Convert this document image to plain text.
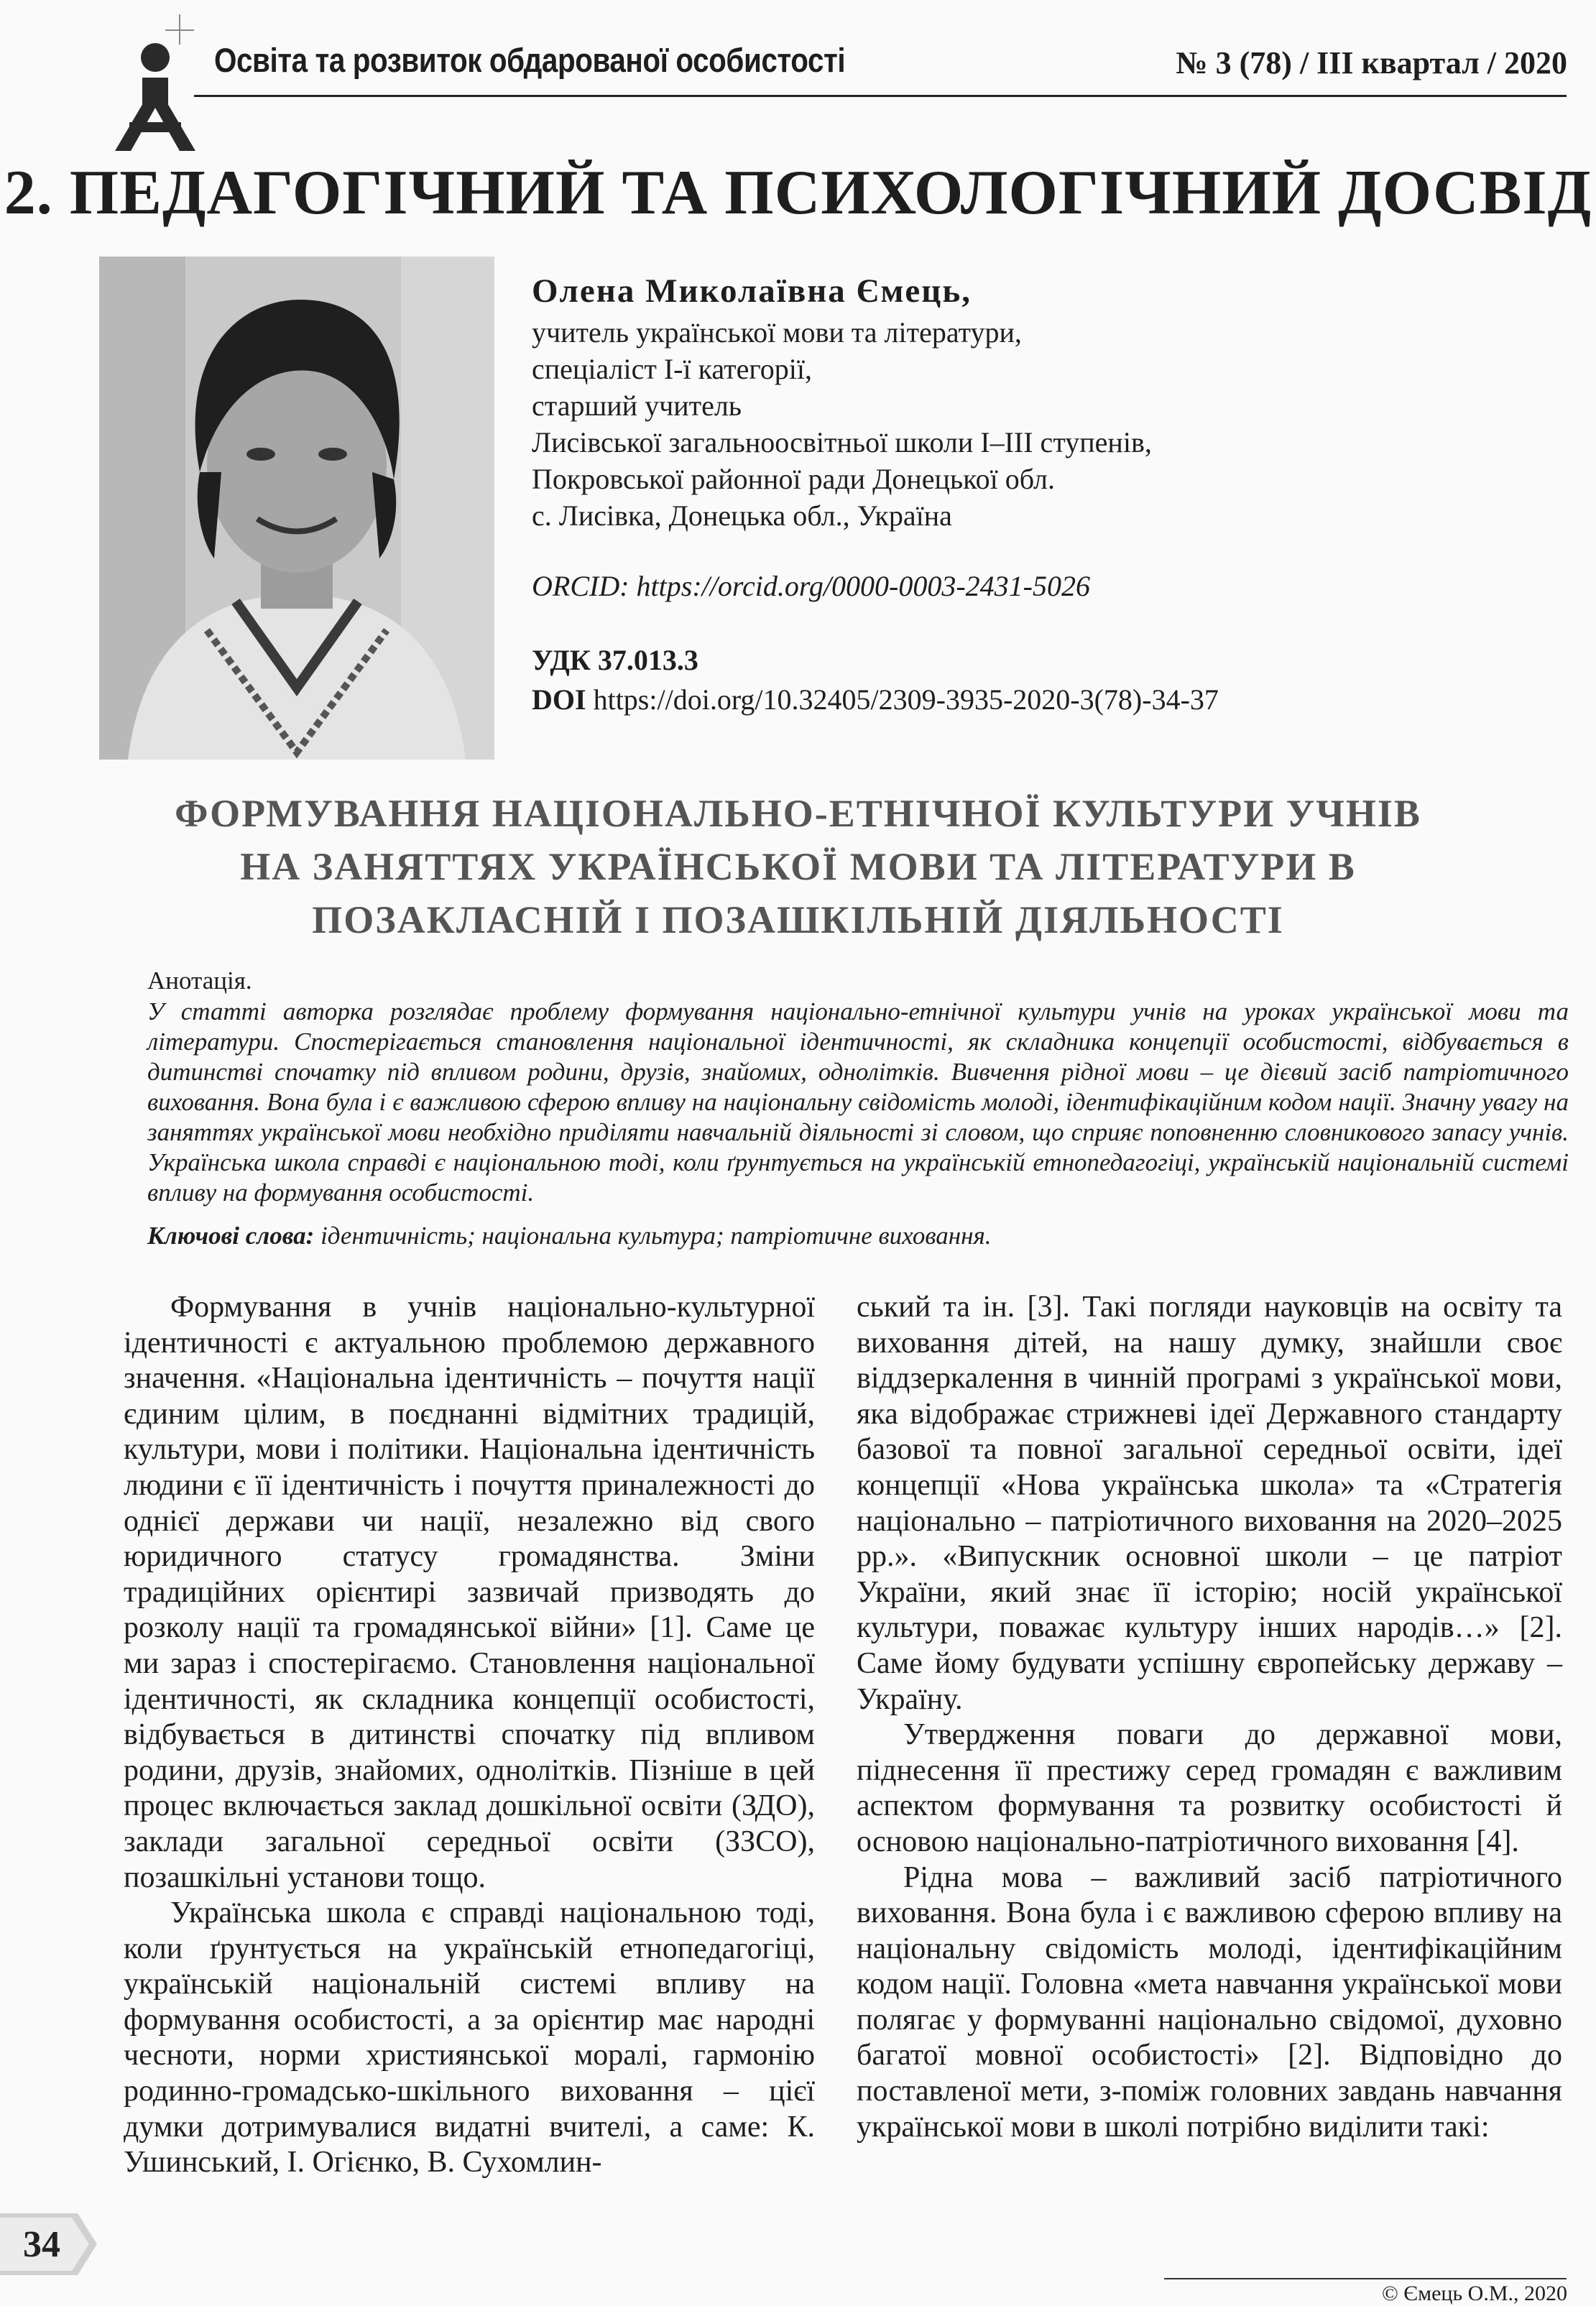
Освіта та розвиток обдарованої особистості	№ 3 (78) / III квартал / 2020
2. ПЕДАГОГІЧНИЙ ТА ПСИХОЛОГІЧНИЙ ДОСВІД
Олена Миколаївна Ємець,
учитель української мови та літератури,
спеціаліст І-ї категорії,
старший учитель
Лисівської загальноосвітньої школи І–ІІІ ступенів,
Покровської районної ради Донецької обл.
с. Лисівка, Донецька обл., Україна
ORCID: https://orcid.org/0000-0003-2431-5026
УДК 37.013.3
DOI https://doi.org/10.32405/2309-3935-2020-3(78)-34-37
ФОРМУВАННЯ НАЦІОНАЛЬНО-ЕТНІЧНОЇ КУЛЬТУРИ УЧНІВ
НА ЗАНЯТТЯХ УКРАЇНСЬКОЇ МОВИ ТА ЛІТЕРАТУРИ В
ПОЗАКЛАСНІЙ І ПОЗАШКІЛЬНІЙ ДІЯЛЬНОСТІ
Анотація.
У статті авторка розглядає проблему формування національно-етнічної культури учнів на уроках української мови та літератури. Спостерігається становлення національної ідентичності, як складника концепції особистості, відбувається в дитинстві спочатку під впливом родини, друзів, знайомих, однолітків. Вивчення рідної мови – це дієвий засіб патріотичного виховання. Вона була і є важливою сферою впливу на національну свідомість молоді, ідентифікаційним кодом нації. Значну увагу на заняттях української мови необхідно приділяти навчальній діяльності зі словом, що сприяє поповненню словникового запасу учнів. Українська школа справді є національною тоді, коли ґрунтується на українській етнопедагогіці, українській національній системі впливу на формування особистості.
Ключові слова: ідентичність; національна культура; патріотичне виховання.

Формування в учнів національно-культурної ідентичності є актуальною проблемою державного значення. «Національна ідентичність – почуття нації єдиним цілим, в поєднанні відмітних традицій, культури, мови і політики. Національна ідентичність людини є її ідентичність і почуття приналежності до однієї держави чи нації, незалежно від свого юридичного статусу громадянства. Зміни традиційних орієнтирі зазвичай призводять до розколу нації та громадянської війни» [1]. Саме це ми зараз і спостерігаємо. Становлення національної ідентичності, як складника концепції особистості, відбувається в дитинстві спочатку під впливом родини, друзів, знайомих, однолітків. Пізніше в цей процес включається заклад дошкільної освіти (ЗДО), заклади загальної середньої освіти (ЗЗСО), позашкільні установи тощо.

Українська школа є справді національною тоді, коли ґрунтується на українській етнопедагогіці, українській національній системі впливу на формування особистості, а за орієнтир має народні чесноти, норми християнської моралі, гармонію родинно-громадсько-шкільного виховання – цієї думки дотримувалися видатні вчителі, а саме: К. Ушинський, І. Огієнко, В. Сухомлин-

ський та ін. [3]. Такі погляди науковців на освіту та виховання дітей, на нашу думку, знайшли своє віддзеркалення в чинній програмі з української мови, яка відображає стрижневі ідеї Державного стандарту базової та повної загальної середньої освіти, ідеї концепції «Нова українська школа» та «Стратегія національно – патріотичного виховання на 2020–2025 рр.». «Випускник основної школи – це патріот України, який знає її історію; носій української культури, поважає культуру інших народів…» [2]. Саме йому будувати успішну європейську державу – Україну.

Утвердження поваги до державної мови, піднесення її престижу серед громадян є важливим аспектом формування та розвитку особистості й основою національно-патріотичного виховання [4].

Рідна мова – важливий засіб патріотичного виховання. Вона була і є важливою сферою впливу на національну свідомість молоді, ідентифікаційним кодом нації. Головна «мета навчання української мови полягає у формуванні національно свідомої, духовно багатої мовної особистості» [2]. Відповідно до поставленої мети, з-поміж головних завдань навчання української мови в школі потрібно виділити такі:

34
© Ємець О.М., 2020
